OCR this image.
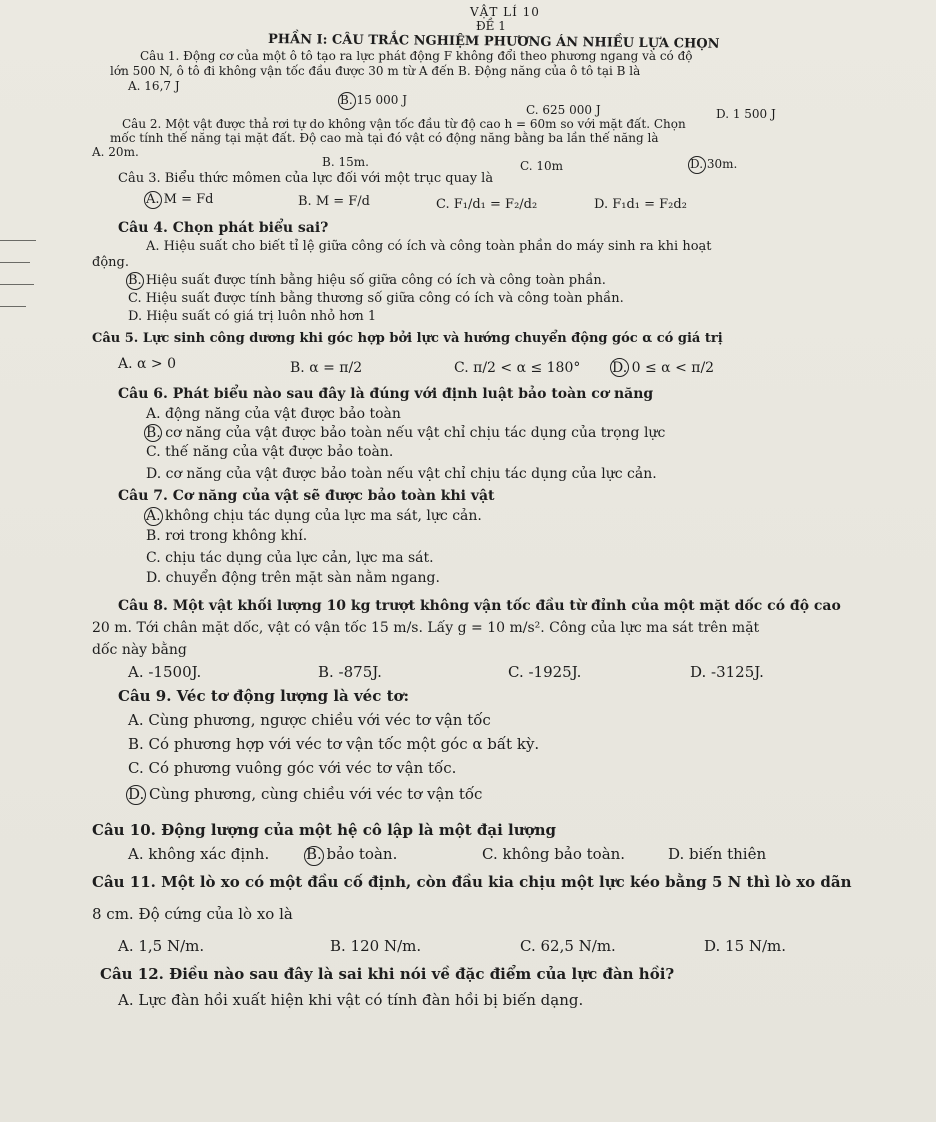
VẬT LÍ 10
ĐỀ 1
PHẦN I: CÂU TRẮC NGHIỆM PHƯƠNG ÁN NHIỀU LỰA CHỌN
Câu 1. Động cơ của một ô tô tạo ra lực phát động F không đổi theo phương ngang và có độ
lớn 500 N, ô tô đi không vận tốc đầu được 30 m từ A đến B. Động năng của ô tô tại B là
A. 16,7 J
B. 15 000 J
C. 625 000 J	D. 1 500 J
Câu 2. Một vật được thả rơi tự do không vận tốc đầu từ độ cao h = 60m so với mặt đất. Chọn
mốc tính thế năng tại mặt đất. Độ cao mà tại đó vật có động năng bằng ba lần thế năng là
A. 20m.
B. 15m.	C. 10m	D. 30m.
Câu 3. Biểu thức mômen của lực đối với một trục quay là
A. M = Fd	B. M = F/d	C. F₁/d₁ = F₂/d₂	D. F₁d₁ = F₂d₂
Câu 4. Chọn phát biểu sai?
A. Hiệu suất cho biết tỉ lệ giữa công có ích và công toàn phần do máy sinh ra khi hoạt
động.
B. Hiệu suất được tính bằng hiệu số giữa công có ích và công toàn phần.
C. Hiệu suất được tính bằng thương số giữa công có ích và công toàn phần.
D. Hiệu suất có giá trị luôn nhỏ hơn 1
Câu 5. Lực sinh công dương khi góc hợp bởi lực và hướng chuyển động góc α có giá trị
A. α > 0	B. α = π/2	C. π/2 < α ≤ 180° D. 0 ≤ α < π/2
Câu 6. Phát biểu nào sau đây là đúng với định luật bảo toàn cơ năng
A. động năng của vật được bảo toàn
B. cơ năng của vật được bảo toàn nếu vật chỉ chịu tác dụng của trọng lực
C. thế năng của vật được bảo toàn.
D. cơ năng của vật được bảo toàn nếu vật chỉ chịu tác dụng của lực cản.
Câu 7. Cơ năng của vật sẽ được bảo toàn khi vật
A. không chịu tác dụng của lực ma sát, lực cản.
B. rơi trong không khí.
C. chịu tác dụng của lực cản, lực ma sát.
D. chuyển động trên mặt sàn nằm ngang.
Câu 8. Một vật khối lượng 10 kg trượt không vận tốc đầu từ đỉnh của một mặt dốc có độ cao
20 m. Tới chân mặt dốc, vật có vận tốc 15 m/s. Lấy g = 10 m/s². Công của lực ma sát trên mặt
dốc này bằng
A. -1500J.	B. -875J.	C. -1925J.	D. -3125J.
Câu 9. Véc tơ động lượng là véc tơ:
A. Cùng phương, ngược chiều với véc tơ vận tốc
B. Có phương hợp với véc tơ vận tốc một góc α bất kỳ.
C. Có phương vuông góc với véc tơ vận tốc.
D. Cùng phương, cùng chiều với véc tơ vận tốc
Câu 10. Động lượng của một hệ cô lập là một đại lượng
A. không xác định. B. bảo toàn.	C. không bảo toàn.	D. biến thiên
Câu 11. Một lò xo có một đầu cố định, còn đầu kia chịu một lực kéo bằng 5 N thì lò xo dãn
8 cm. Độ cứng của lò xo là
A. 1,5 N/m.	B. 120 N/m.	C. 62,5 N/m.	D. 15 N/m.
Câu 12. Điều nào sau đây là sai khi nói về đặc điểm của lực đàn hồi?
A. Lực đàn hồi xuất hiện khi vật có tính đàn hồi bị biến dạng.
